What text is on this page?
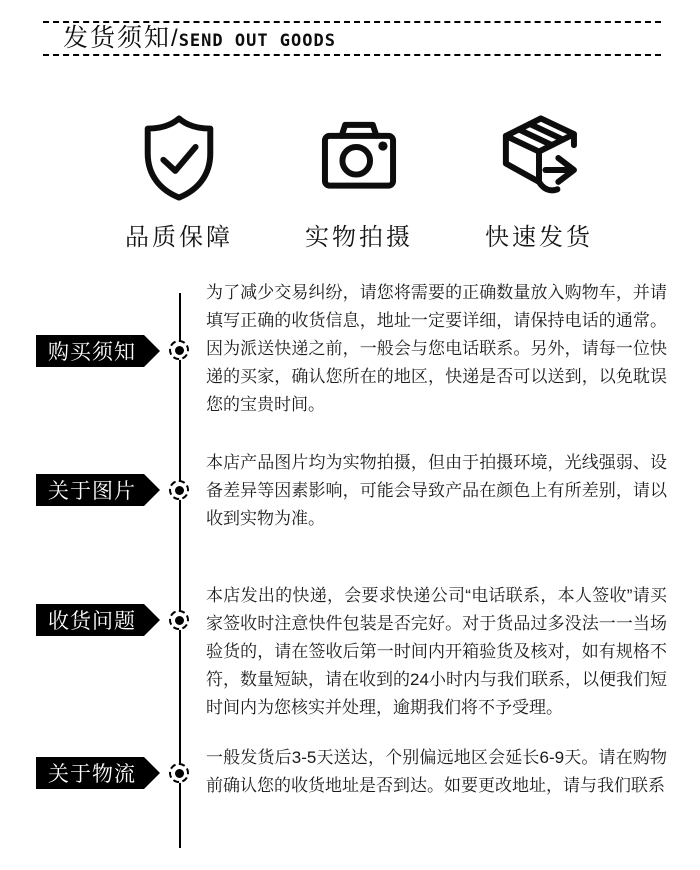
发货须知 / SEND OUT GOODS
品质保障	实物拍摄	快速发货
购买须知

为了减少交易纠纷，请您将需要的正确数量放入购物车，并请填写正确的收货信息，地址一定要详细，请保持电话的通常。因为派送快递之前，一般会与您电话联系。另外，请每一位快递的买家，确认您所在的地区，快递是否可以送到，以免耽误您的宝贵时间。

关于图片

本店产品图片均为实物拍摄，但由于拍摄环境，光线强弱、设备差异等因素影响，可能会导致产品在颜色上有所差别，请以收到实物为准。

收货问题

本店发出的快递，会要求快递公司“电话联系，本人签收”请买家签收时注意快件包装是否完好。对于货品过多没法一一当场验货的，请在签收后第一时间内开箱验货及核对，如有规格不符，数量短缺，请在收到的24小时内与我们联系，以便我们短时间内为您核实并处理，逾期我们将不予受理。

关于物流

一般发货后3-5天送达，个别偏远地区会延长6-9天。请在购物前确认您的收货地址是否到达。如要更改地址，请与我们联系
